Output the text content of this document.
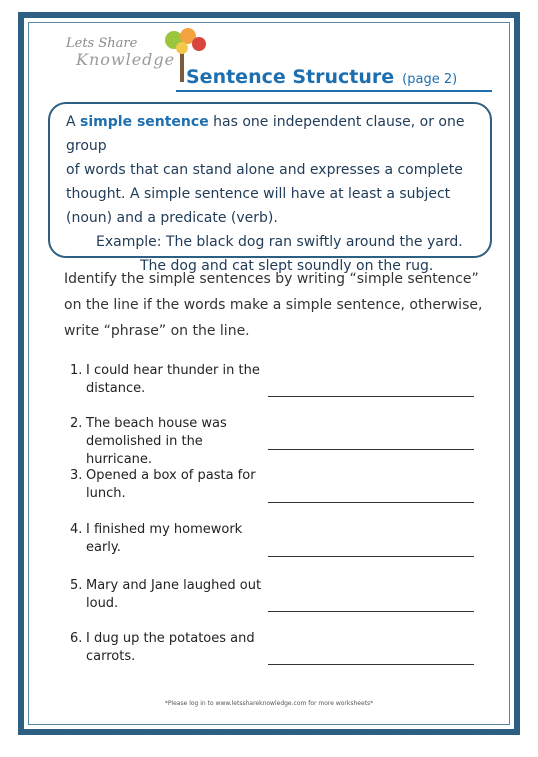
Lets Share
Knowledge
Sentence Structure (page 2)
A simple sentence has one independent clause, or one group
of words that can stand alone and expresses a complete
thought. A simple sentence will have at least a subject
(noun) and a predicate (verb).
Example: The black dog ran swiftly around the yard.
The dog and cat slept soundly on the rug.
Identify the simple sentences by writing “simple sentence”
on the line if the words make a simple sentence, otherwise,
write “phrase” on the line.
1. I could hear thunder in the
distance.
2. The beach house was
demolished in the hurricane.
3. Opened a box of pasta for
lunch.
4. I finished my homework
early.
5. Mary and Jane laughed out
loud.
6. I dug up the potatoes and
carrots.
*Please log in to www.letsshareknowledge.com for more worksheets*
